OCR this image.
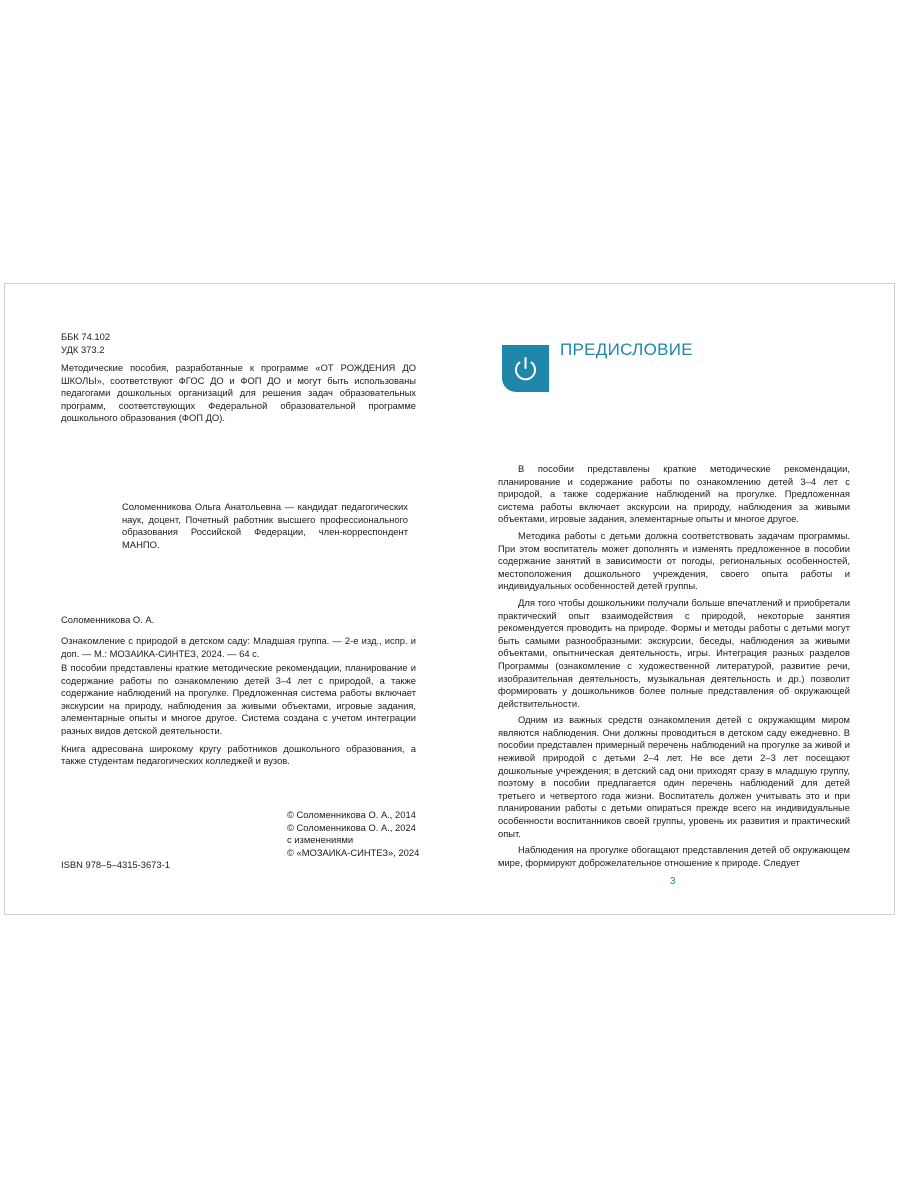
ББК 74.102

УДК 373.2

Методические пособия, разработанные к программе «ОТ РОЖДЕНИЯ ДО ШКОЛЫ», соответствуют ФГОС ДО и ФОП ДО и могут быть использованы педагогами дошкольных организаций для решения задач образовательных программ, соответствующих Федеральной образовательной программе дошкольного образования (ФОП ДО).

Соломенникова Ольга Анатольевна — кандидат педагогических наук, доцент, Почетный работник высшего профессионального образования Российской Федерации, член-корреспондент МАНПО.

Соломенникова О. А.

Ознакомление с природой в детском саду: Младшая группа. — 2-е изд., испр. и доп. — М.: МОЗАИКА-СИНТЕЗ, 2024. — 64 с.

В пособии представлены краткие методические рекомендации, планирование и содержание работы по ознакомлению детей 3–4 лет с природой, а также содержание наблюдений на прогулке. Предложенная система работы включает экскурсии на природу, наблюдения за живыми объектами, игровые задания, элементарные опыты и многое другое. Система создана с учетом интеграции разных видов детской деятельности.

Книга адресована широкому кругу работников дошкольного образования, а также студентам педагогических колледжей и вузов.

© Соломенникова О. А., 2014

© Соломенникова О. А., 2024

с изменениями

© «МОЗАИКА-СИНТЕЗ», 2024

ISBN 978–5–4315-3673-1

ПРЕДИСЛОВИЕ

В пособии представлены краткие методические рекомендации, планирование и содержание работы по ознакомлению детей 3–4 лет с природой, а также содержание наблюдений на прогулке. Предложенная система работы включает экскурсии на природу, наблюдения за живыми объектами, игровые задания, элементарные опыты и многое другое.

Методика работы с детьми должна соответствовать задачам программы. При этом воспитатель может дополнять и изменять предложенное в пособии содержание занятий в зависимости от погоды, региональных особенностей, местоположения дошкольного учреждения, своего опыта работы и индивидуальных особенностей детей группы.

Для того чтобы дошкольники получали больше впечатлений и приобретали практический опыт взаимодействия с природой, некоторые занятия рекомендуется проводить на природе. Формы и методы работы с детьми могут быть самыми разнообразными: экскурсии, беседы, наблюдения за живыми объектами, опытническая деятельность, игры. Интеграция разных разделов Программы (ознакомление с художественной литературой, развитие речи, изобразительная деятельность, музыкальная деятельность и др.) позволит формировать у дошкольников более полные представления об окружающей действительности.

Одним из важных средств ознакомления детей с окружающим миром являются наблюдения. Они должны проводиться в детском саду ежедневно. В пособии представлен примерный перечень наблюдений на прогулке за живой и неживой природой с детьми 2–4 лет. Не все дети 2–3 лет посещают дошкольные учреждения; в детский сад они приходят сразу в младшую группу, поэтому в пособии предлагается один перечень наблюдений для детей третьего и четвертого года жизни. Воспитатель должен учитывать это и при планировании работы с детьми опираться прежде всего на индивидуальные особенности воспитанников своей группы, уровень их развития и практический опыт.

Наблюдения на прогулке обогащают представления детей об окружающем мире, формируют доброжелательное отношение к природе. Следует

3
